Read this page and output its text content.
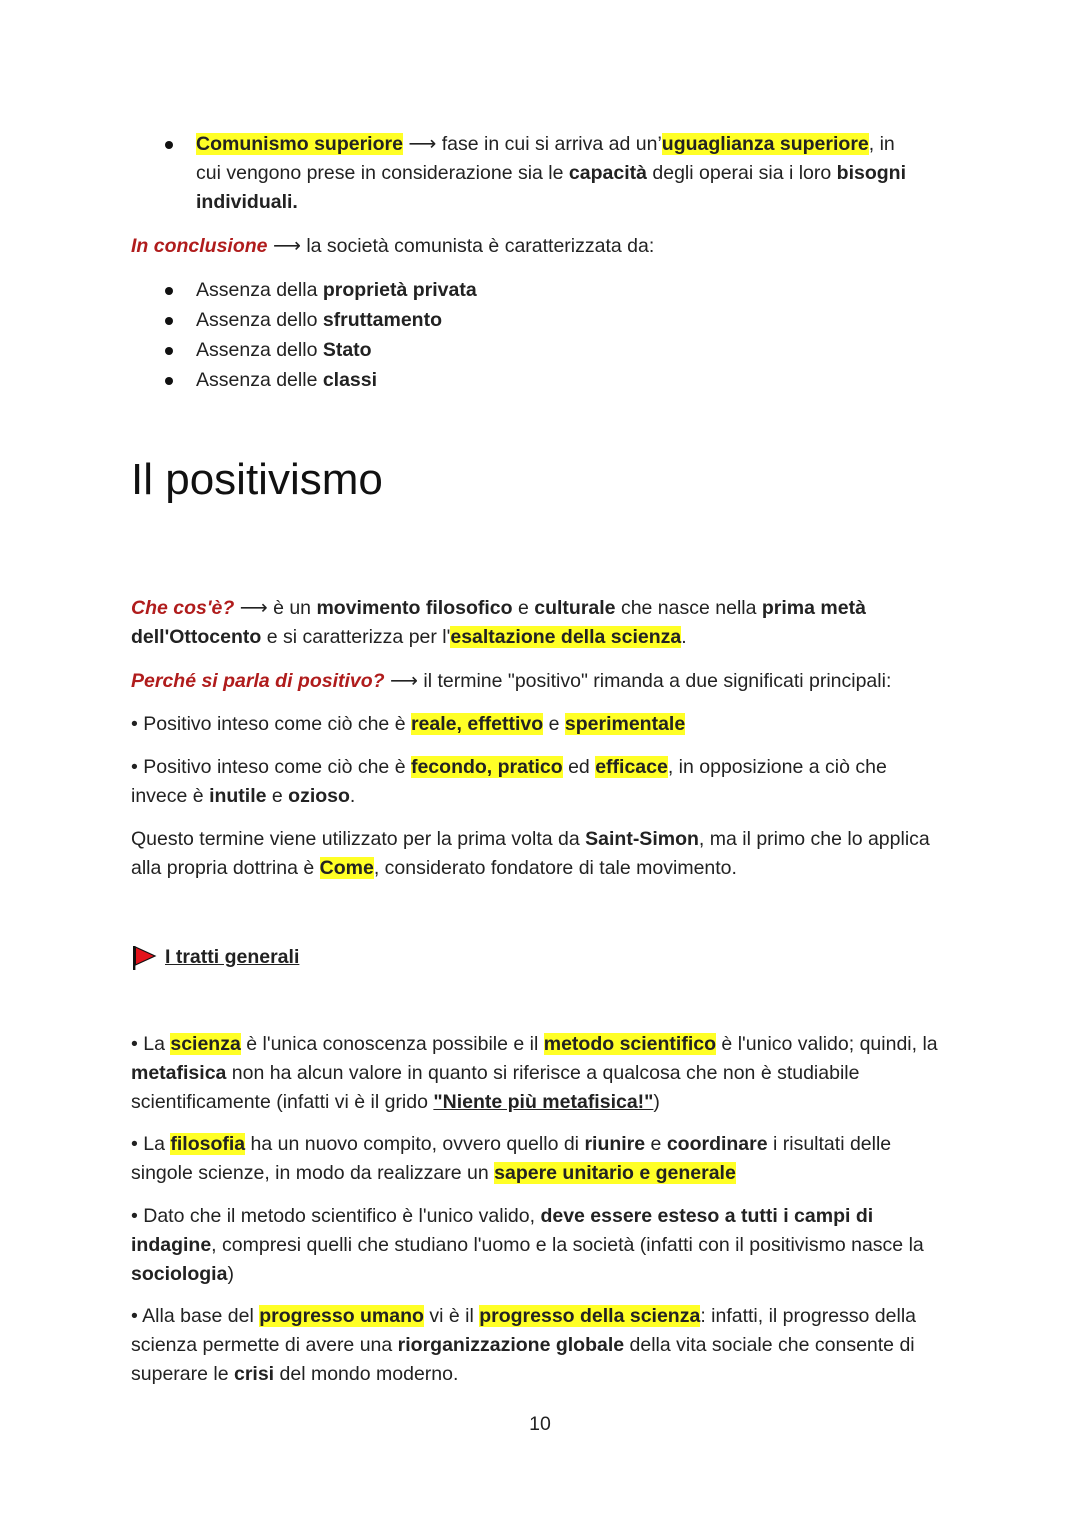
Comunismo superiore ⟶ fase in cui si arriva ad un’uguaglianza superiore, in cui vengono prese in considerazione sia le capacità degli operai sia i loro bisogni individuali.

In conclusione ⟶ la società comunista è caratterizzata da:

Assenza della proprietà privata
Assenza dello sfruttamento
Assenza dello Stato
Assenza delle classi
Il positivismo

Che cos'è? ⟶ è un movimento filosofico e culturale che nasce nella prima metà dell'Ottocento e si caratterizza per l'esaltazione della scienza.

Perché si parla di positivo? ⟶ il termine "positivo" rimanda a due significati principali:

• Positivo inteso come ciò che è reale, effettivo e sperimentale

• Positivo inteso come ciò che è fecondo, pratico ed efficace, in opposizione a ciò che invece è inutile e ozioso.

Questo termine viene utilizzato per la prima volta da Saint-Simon, ma il primo che lo applica alla propria dottrina è Come, considerato fondatore di tale movimento.

I tratti generali

• La scienza è l'unica conoscenza possibile e il metodo scientifico è l'unico valido; quindi, la metafisica non ha alcun valore in quanto si riferisce a qualcosa che non è studiabile scientificamente (infatti vi è il grido "Niente più metafisica!")

• La filosofia ha un nuovo compito, ovvero quello di riunire e coordinare i risultati delle singole scienze, in modo da realizzare un sapere unitario e generale

• Dato che il metodo scientifico è l'unico valido, deve essere esteso a tutti i campi di indagine, compresi quelli che studiano l'uomo e la società (infatti con il positivismo nasce la sociologia)

• Alla base del progresso umano vi è il progresso della scienza: infatti, il progresso della scienza permette di avere una riorganizzazione globale della vita sociale che consente di superare le crisi del mondo moderno.

10
